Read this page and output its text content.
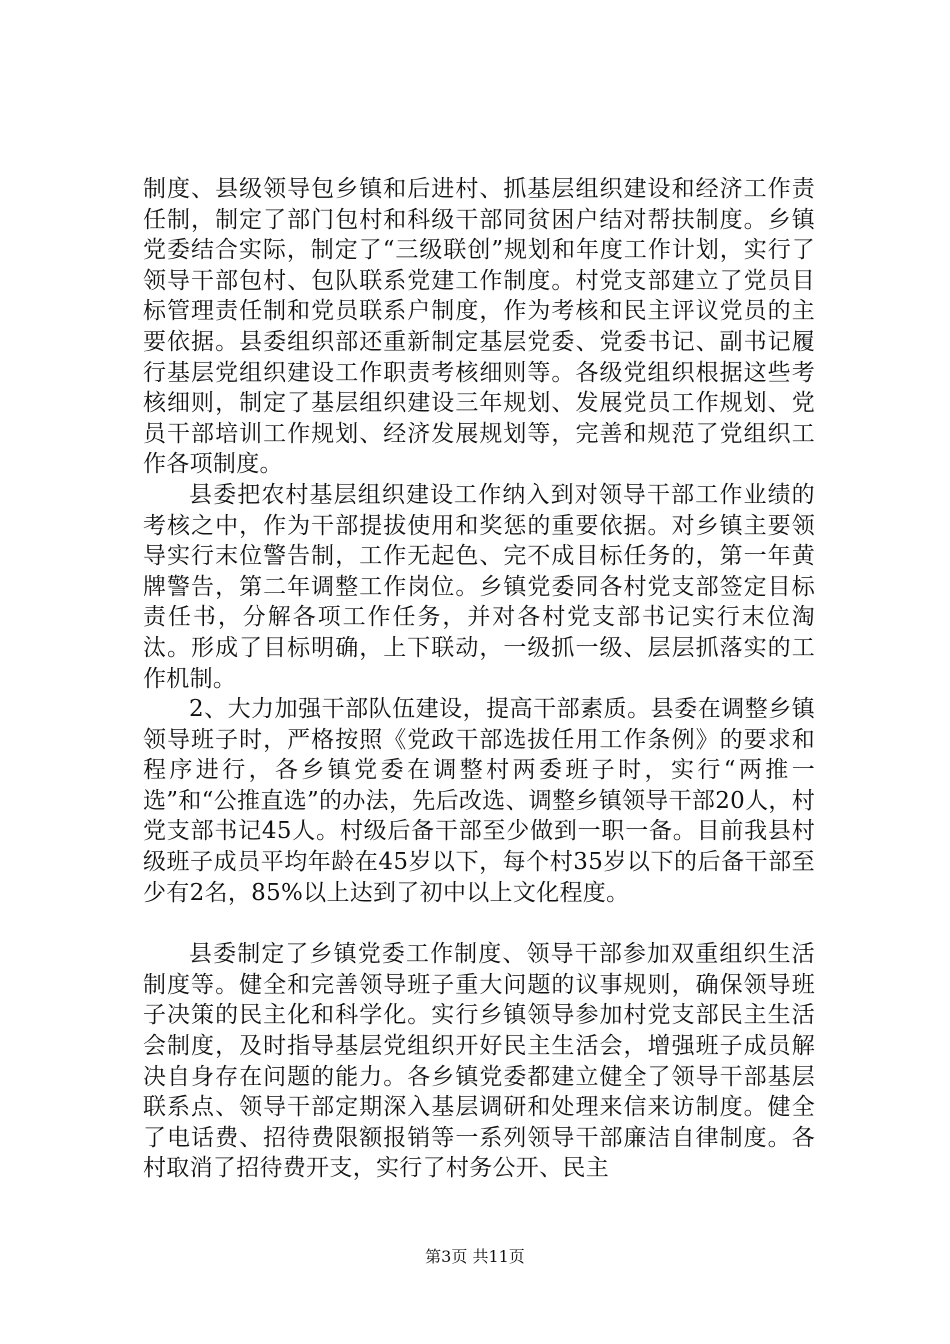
制度、县级领导包乡镇和后进村、抓基层组织建设和经济工作责任制，制定了部门包村和科级干部同贫困户结对帮扶制度。乡镇党委结合实际，制定了“三级联创”规划和年度工作计划，实行了领导干部包村、包队联系党建工作制度。村党支部建立了党员目标管理责任制和党员联系户制度，作为考核和民主评议党员的主要依据。县委组织部还重新制定基层党委、党委书记、副书记履行基层党组织建设工作职责考核细则等。各级党组织根据这些考核细则，制定了基层组织建设三年规划、发展党员工作规划、党员干部培训工作规划、经济发展规划等，完善和规范了党组织工作各项制度。

县委把农村基层组织建设工作纳入到对领导干部工作业绩的考核之中，作为干部提拔使用和奖惩的重要依据。对乡镇主要领导实行末位警告制，工作无起色、完不成目标任务的，第一年黄牌警告，第二年调整工作岗位。乡镇党委同各村党支部签定目标责任书，分解各项工作任务，并对各村党支部书记实行末位淘汰。形成了目标明确，上下联动，一级抓一级、层层抓落实的工作机制。

2、大力加强干部队伍建设，提高干部素质。县委在调整乡镇领导班子时，严格按照《党政干部选拔任用工作条例》的要求和程序进行，各乡镇党委在调整村两委班子时，实行“两推一选”和“公推直选”的办法，先后改选、调整乡镇领导干部20人，村党支部书记45人。村级后备干部至少做到一职一备。目前我县村级班子成员平均年龄在45岁以下，每个村35岁以下的后备干部至少有2名，85%以上达到了初中以上文化程度。

县委制定了乡镇党委工作制度、领导干部参加双重组织生活制度等。健全和完善领导班子重大问题的议事规则，确保领导班子决策的民主化和科学化。实行乡镇领导参加村党支部民主生活会制度，及时指导基层党组织开好民主生活会，增强班子成员解决自身存在问题的能力。各乡镇党委都建立健全了领导干部基层联系点、领导干部定期深入基层调研和处理来信来访制度。健全了电话费、招待费限额报销等一系列领导干部廉洁自律制度。各村取消了招待费开支，实行了村务公开、民主

第3页 共11页
